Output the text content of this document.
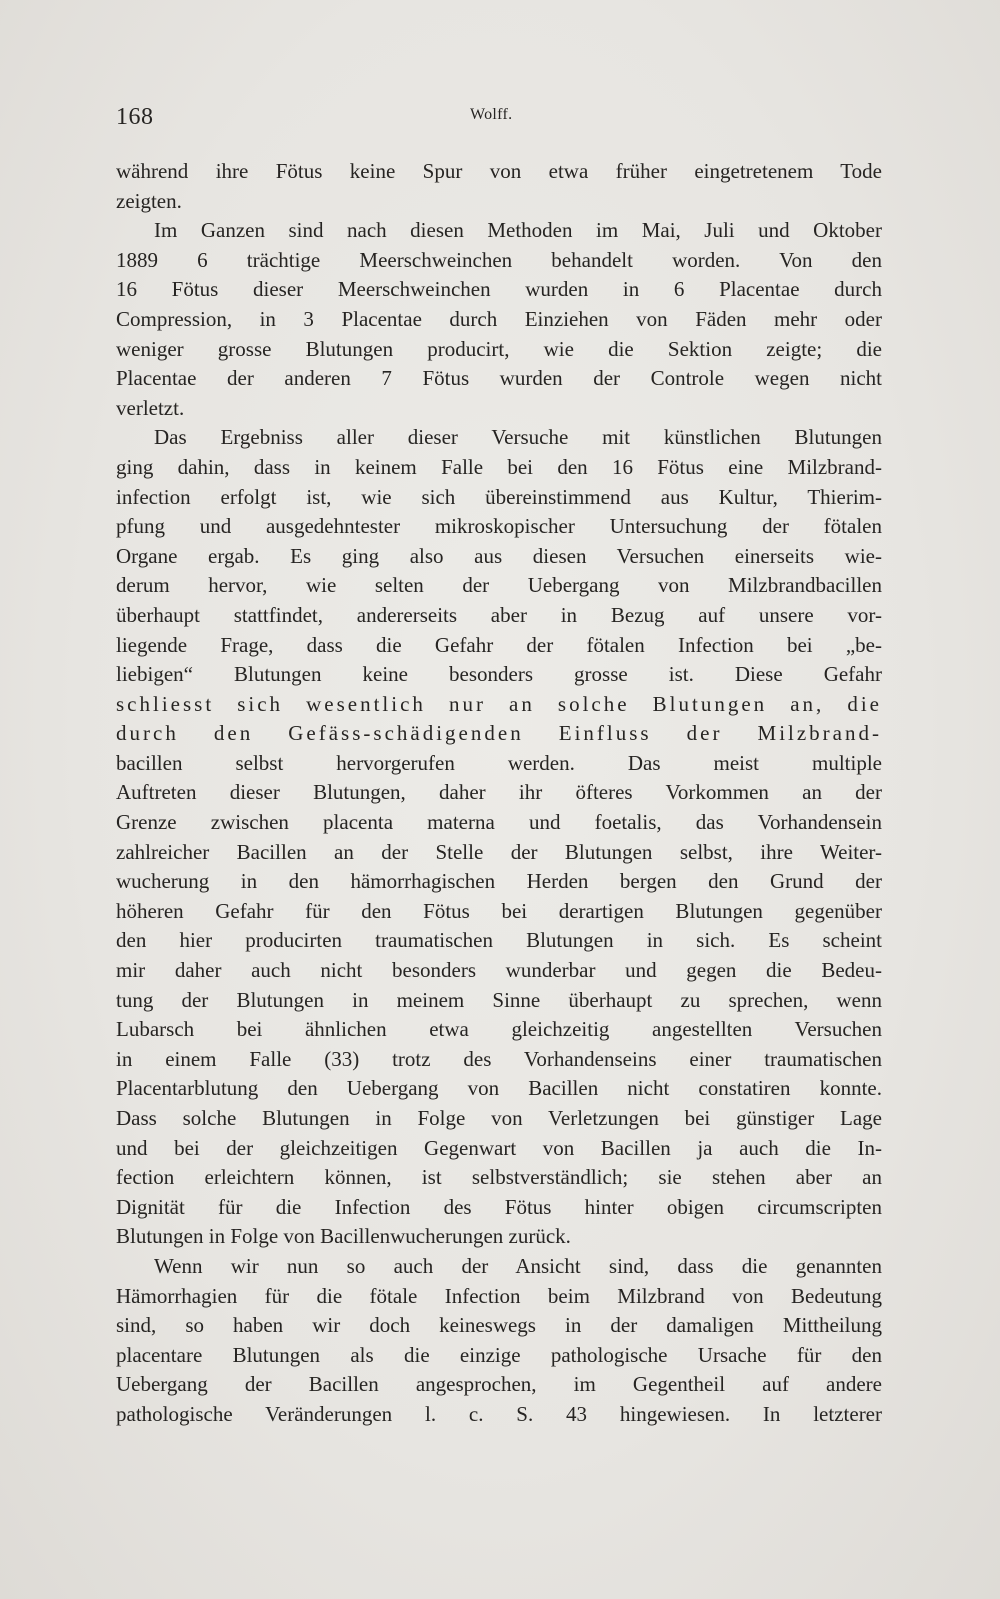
168	Wolff.
während ihre Fötus keine Spur von etwa früher eingetretenem Tode
zeigten.
Im Ganzen sind nach diesen Methoden im Mai, Juli und Oktober
1889 6 trächtige Meerschweinchen behandelt worden. Von den
16 Fötus dieser Meerschweinchen wurden in 6 Placentae durch
Compression, in 3 Placentae durch Einziehen von Fäden mehr oder
weniger grosse Blutungen producirt, wie die Sektion zeigte; die
Placentae der anderen 7 Fötus wurden der Controle wegen nicht
verletzt.
Das Ergebniss aller dieser Versuche mit künstlichen Blutungen
ging dahin, dass in keinem Falle bei den 16 Fötus eine Milzbrand-
infection erfolgt ist, wie sich übereinstimmend aus Kultur, Thierim-
pfung und ausgedehntester mikroskopischer Untersuchung der fötalen
Organe ergab. Es ging also aus diesen Versuchen einerseits wie-
derum hervor, wie selten der Uebergang von Milzbrandbacillen
überhaupt stattfindet, andererseits aber in Bezug auf unsere vor-
liegende Frage, dass die Gefahr der fötalen Infection bei „be-
liebigen“ Blutungen keine besonders grosse ist. Diese Gefahr
schliesst sich wesentlich nur an solche Blutungen an, die
durch den Gefäss-schädigenden Einfluss der Milzbrand-
bacillen selbst hervorgerufen werden. Das meist multiple
Auftreten dieser Blutungen, daher ihr öfteres Vorkommen an der
Grenze zwischen placenta materna und foetalis, das Vorhandensein
zahlreicher Bacillen an der Stelle der Blutungen selbst, ihre Weiter-
wucherung in den hämorrhagischen Herden bergen den Grund der
höheren Gefahr für den Fötus bei derartigen Blutungen gegenüber
den hier producirten traumatischen Blutungen in sich. Es scheint
mir daher auch nicht besonders wunderbar und gegen die Bedeu-
tung der Blutungen in meinem Sinne überhaupt zu sprechen, wenn
Lubarsch bei ähnlichen etwa gleichzeitig angestellten Versuchen
in einem Falle (33) trotz des Vorhandenseins einer traumatischen
Placentarblutung den Uebergang von Bacillen nicht constatiren konnte.
Dass solche Blutungen in Folge von Verletzungen bei günstiger Lage
und bei der gleichzeitigen Gegenwart von Bacillen ja auch die In-
fection erleichtern können, ist selbstverständlich; sie stehen aber an
Dignität für die Infection des Fötus hinter obigen circumscripten
Blutungen in Folge von Bacillenwucherungen zurück.
Wenn wir nun so auch der Ansicht sind, dass die genannten
Hämorrhagien für die fötale Infection beim Milzbrand von Bedeutung
sind, so haben wir doch keineswegs in der damaligen Mittheilung
placentare Blutungen als die einzige pathologische Ursache für den
Uebergang der Bacillen angesprochen, im Gegentheil auf andere
pathologische Veränderungen l. c. S. 43 hingewiesen. In letzterer
